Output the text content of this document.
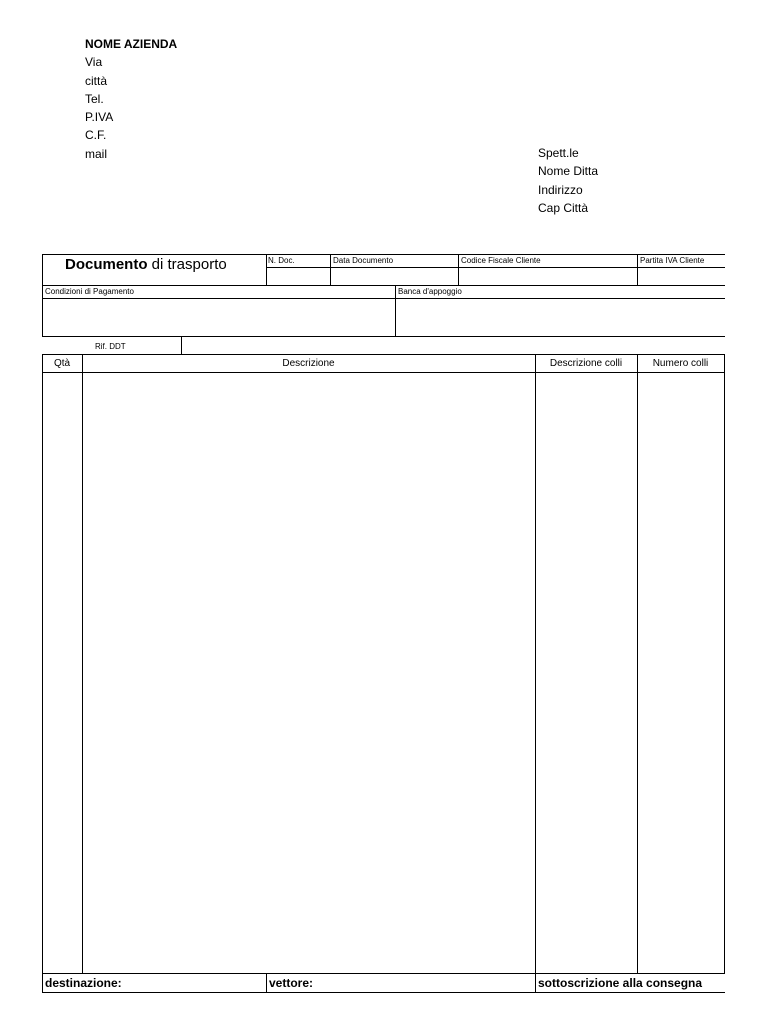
NOME AZIENDA
Via
città
Tel.
P.IVA
C.F.
mail	Spett.le
Nome Ditta
Indirizzo
Cap Città
Documento di trasporto	N. Doc.	Data Documento	Codice Fiscale Cliente	Partita IVA Cliente
Condizioni di Pagamento	Banca d'appoggio
Rif. DDT
Qtà	Descrizione	Descrizione colli	Numero colli
destinazione:	vettore:	sottoscrizione alla consegna
